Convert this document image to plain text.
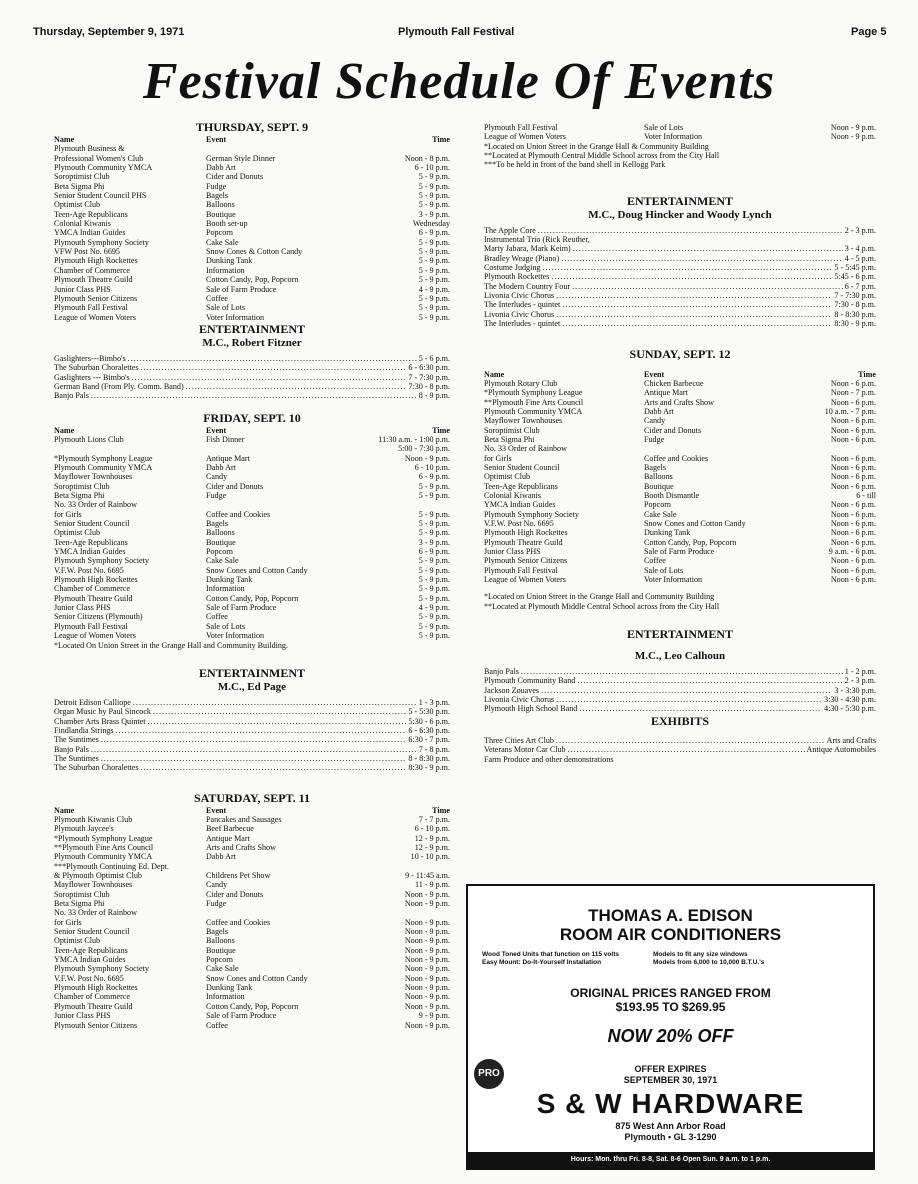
Thursday, September 9, 1971	Plymouth Fall Festival	Page 5
Festival Schedule Of Events
THURSDAY, SEPT. 9
Name	Event	Time
Plymouth Business &
Professional Women's Club	German Style Dinner	Noon - 8 p.m.
Plymouth Community YMCA	Dabb Art	6 - 10 p.m.
Soroptimist Club	Cider and Donuts	5 - 9 p.m.
Beta Sigma Phi	Fudge	5 - 9 p.m.
Senior Student Council PHS	Bagels	5 - 9 p.m.
Optimist Club	Balloons	5 - 9 p.m.
Teen-Age Republicans	Boutique	3 - 9 p.m.
Colonial Kiwanis	Booth set-up	Wednesday
YMCA Indian Guides	Popcorn	6 - 9 p.m.
Plymouth Symphony Society	Cake Sale	5 - 9 p.m.
VFW Post No. 6695	Snow Cones & Cotton Candy	5 - 9 p.m.
Plymouth High Rockettes	Dunking Tank	5 - 9 p.m.
Chamber of Commerce	Information	5 - 9 p.m.
Plymouth Theatre Guild	Cotton Candy, Pop, Popcorn	5 - 9 p.m.
Junior Class PHS	Sale of Farm Produce	4 - 9 p.m.
Plymouth Senior Citizens	Coffee	5 - 9 p.m.
Plymouth Fall Festival	Sale of Lots	5 - 9 p.m.
League of Women Voters	Voter Information	5 - 9 p.m.
ENTERTAINMENT
M.C., Robert Fitzner
Gaslighters---Bimbo's .....	5 - 6 p.m.
The Suburban Choralettes .....	6 - 6:30 p.m.
Gaslighters --- Bimbo's .....	7 - 7:30 p.m.
German Band (From Ply. Comm. Band) .....	7:30 - 8 p.m.
Banjo Pals .....	8 - 9 p.m.
FRIDAY, SEPT. 10
Name	Event	Time
Plymouth Lions Club	Fish Dinner	11:30 a.m. - 1:00 p.m.
5:00 - 7:30 p.m.
*Plymouth Symphony League	Antique Mart	Noon - 9 p.m.
Plymouth Community YMCA	Dabb Art	6 - 10 p.m.
Mayflower Townhouses	Candy	6 - 9 p.m.
Soroptimist Club	Cider and Donuts	5 - 9 p.m.
Beta Sigma Phi	Fudge	5 - 9 p.m.
No. 33 Order of Rainbow
for Girls	Coffee and Cookies	5 - 9 p.m.
Senior Student Council	Bagels	5 - 9 p.m.
Optimist Club	Balloons	5 - 9 p.m.
Teen-Age Republicans	Boutique	3 - 9 p.m.
YMCA Indian Guides	Popcorn	6 - 9 p.m.
Plymouth Symphony Society	Cake Sale	5 - 9 p.m.
V.F.W. Post No. 6695	Snow Cones and Cotton Candy	5 - 9 p.m.
Plymouth High Rockettes	Dunking Tank	5 - 9 p.m.
Chamber of Commerce	Information	5 - 9 p.m.
Plymouth Theatre Guild	Cotton Candy, Pop, Popcorn	5 - 9 p.m.
Junior Class PHS	Sale of Farm Produce	4 - 9 p.m.
Senior Citizens (Plymouth)	Coffee	5 - 9 p.m.
Plymouth Fall Festival	Sale of Lots	5 - 9 p.m.
League of Women Voters	Voter Information	5 - 9 p.m.
*Located On Union Street in the Grange Hall and Community Building.
ENTERTAINMENT
M.C., Ed Page
Detroit Edison Calliope .....	1 - 3 p.m.
Organ Music by Paul Sincock .....	5 - 5:30 p.m.
Chamber Arts Brass Quintet .....	5:30 - 6 p.m.
Findlandia Strings .....	6 - 6:30 p.m.
The Suntimes .....	6:30 - 7 p.m.
Banjo Pals .....	7 - 8 p.m.
The Suntimes .....	8 - 8:30 p.m.
The Suburban Choralettes .....	8:30 - 9 p.m.
SATURDAY, SEPT. 11
Name	Event	Time
Plymouth Kiwanis Club	Pancakes and Sausages	7 - 7 p.m.
Plymouth Jaycee's	Beef Barbecue	6 - 10 p.m.
*Plymouth Symphony League	Antique Mart	12 - 9 p.m.
**Plymouth Fine Arts Council	Arts and Crafts Show	12 - 9 p.m.
Plymouth Community YMCA	Dabb Art	10 - 10 p.m.
***Plymouth Continuing Ed. Dept.
& Plymouth Optimist Club	Childrens Pet Show	9 - 11:45 a.m.
Mayflower Townhouses	Candy	11 - 9 p.m.
Soroptimist Club	Cider and Donuts	Noon - 9 p.m.
Beta Sigma Phi	Fudge	Noon - 9 p.m.
No. 33 Order of Rainbow
for Girls	Coffee and Cookies	Noon - 9 p.m.
Senior Student Council	Bagels	Noon - 9 p.m.
Optimist Club	Balloons	Noon - 9 p.m.
Teen-Age Republicans	Boutique	Noon - 9 p.m.
YMCA Indian Guides	Popcorn	Noon - 9 p.m.
Plymouth Symphony Society	Cake Sale	Noon - 9 p.m.
V.F.W. Post No. 6695	Snow Cones and Cotton Candy	Noon - 9 p.m.
Plymouth High Rockettes	Dunking Tank	Noon - 9 p.m.
Chamber of Commerce	Information	Noon - 9 p.m.
Plymouth Theatre Guild	Cotton Candy, Pop, Popcorn	Noon - 9 p.m.
Junior Class PHS	Sale of Farm Produce	9 - 9 p.m.
Plymouth Senior Citizens	Coffee	Noon - 9 p.m.
Plymouth Fall Festival	Sale of Lots	Noon - 9 p.m.
League of Women Voters	Voter Information	Noon - 9 p.m.
*Located on Union Street in the Grange Hall & Community Building
**Located at Plymouth Central Middle School across from the City Hall
***To be held in front of the band shell in Kellogg Park
ENTERTAINMENT
M.C., Doug Hincker and Woody Lynch
The Apple Core .....	2 - 3 p.m.
Instrumental Trio (Rick Reuther,
Marty Jabara, Mark Keim) .....	3 - 4 p.m.
Bradley Weage (Piano) .....	4 - 5 p.m.
Costume Judging .....	5 - 5:45 p.m.
Plymouth Rockettes .....	5:45 - 6 p.m.
The Modern Country Four .....	6 - 7 p.m.
Livonia Civic Chorus .....	7 - 7:30 p.m.
The Interludes - quintet .....	7:30 - 8 p.m.
Livonia Civic Chorus .....	8 - 8:30 p.m.
The Interludes - quintet .....	8:30 - 9 p.m.
SUNDAY, SEPT. 12
Name	Event	Time
Plymouth Rotary Club	Chicken Barbecue	Noon - 6 p.m.
*Plymouth Symphony League	Antique Mart	Noon - 7 p.m.
**Plymouth Fine Arts Council	Arts and Crafts Show	Noon - 6 p.m.
Plymouth Community YMCA	Dabb Art	10 a.m. - 7 p.m.
Mayflower Townhouses	Candy	Noon - 6 p.m.
Soroptimist Club	Cider and Donuts	Noon - 6 p.m.
Beta Sigma Phi	Fudge	Noon - 6 p.m.
No. 33 Order of Rainbow
for Girls	Coffee and Cookies	Noon - 6 p.m.
Senior Student Council	Bagels	Noon - 6 p.m.
Optimist Club	Balloons	Noon - 6 p.m.
Teen-Age Republicans	Boutique	Noon - 6 p.m.
Colonial Kiwanis	Booth Dismantle	6 - till
YMCA Indian Guides	Popcorn	Noon - 6 p.m.
Plymouth Symphony Society	Cake Sale	Noon - 6 p.m.
V.F.W. Post No. 6695	Snow Cones and Cotton Candy	Noon - 6 p.m.
Plymouth High Rockettes	Dunking Tank	Noon - 6 p.m.
Plymouth Theatre Guild	Cotton Candy, Pop, Popcorn	Noon - 6 p.m.
Junior Class PHS	Sale of Farm Produce	9 a.m. - 6 p.m.
Plymouth Senior Citizens	Coffee	Noon - 6 p.m.
Plymouth Fall Festival	Sale of Lots	Noon - 6 p.m.
League of Women Voters	Voter Information	Noon - 6 p.m.
*Located on Union Street in the Grange Hall and Community Building
**Located at Plymouth Middle Central School across from the City Hall
ENTERTAINMENT
M.C., Leo Calhoun
Banjo Pals .....	1 - 2 p.m.
Plymouth Community Band .....	2 - 3 p.m.
Jackson Zouaves .....	3 - 3:30 p.m.
Livonia Civic Chorus .....	3:30 - 4:30 p.m.
Plymouth High School Band .....	4:30 - 5:30 p.m.
EXHIBITS
Three Cities Art Club .....	Arts and Crafts
Veterans Motor Car Club .....	Antique Automobiles
Farm Produce and other demonstrations
THOMAS A. EDISON
ROOM AIR CONDITIONERS
Wood Toned Units that function on 115 volts
Easy Mount: Do-It-Yourself Installation
Models to fit any size windows
Models from 6,000 to 10,000 B.T.U.'s
ORIGINAL PRICES RANGED FROM
$193.95 TO $269.95
NOW 20% OFF
PRO	OFFER EXPIRES
SEPTEMBER 30, 1971
S & W HARDWARE
875 West Ann Arbor Road
Plymouth • GL 3-1290
Hours: Mon. thru Fri. 8-8, Sat. 8-6 Open Sun. 9 a.m. to 1 p.m.
